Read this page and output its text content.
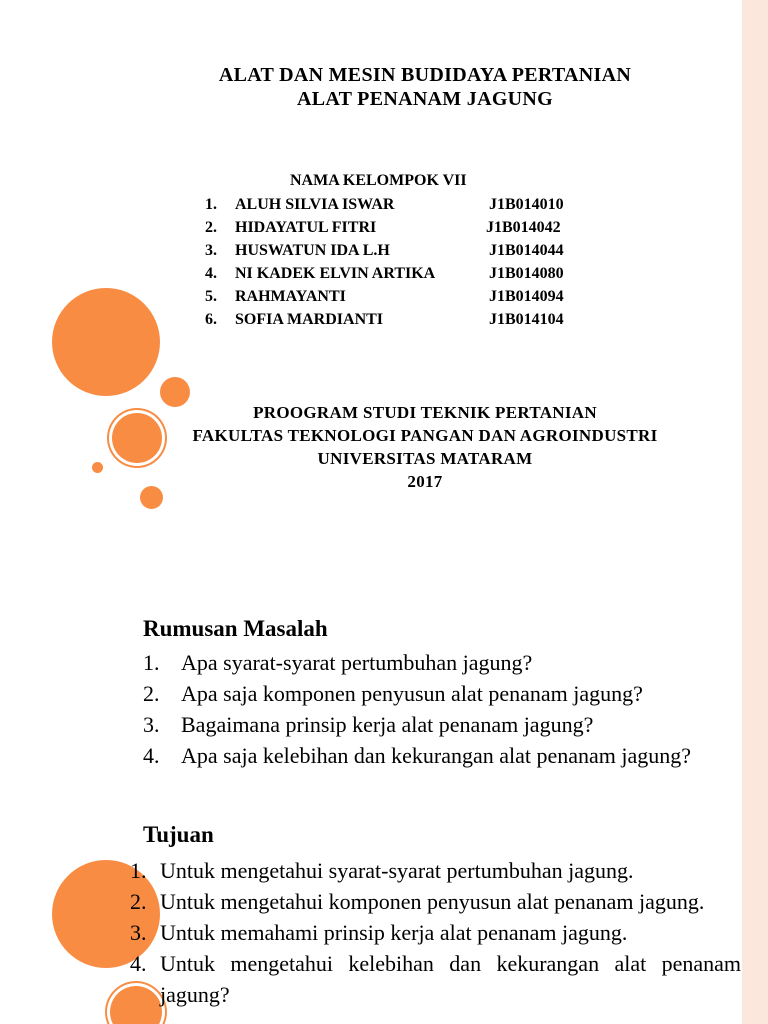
ALAT DAN MESIN BUDIDAYA PERTANIAN
ALAT PENANAM JAGUNG
NAMA KELOMPOK VII
1. ALUH SILVIA ISWAR	J1B014010
2. HIDAYATUL FITRI	J1B014042
3. HUSWATUN IDA L.H	J1B014044
4. NI KADEK ELVIN ARTIKA	J1B014080
5. RAHMAYANTI	J1B014094
6. SOFIA MARDIANTI	J1B014104
PROOGRAM STUDI TEKNIK PERTANIAN
FAKULTAS TEKNOLOGI PANGAN DAN AGROINDUSTRI
UNIVERSITAS MATARAM
2017
Rumusan Masalah
1. Apa syarat-syarat pertumbuhan jagung?
2. Apa saja komponen penyusun alat penanam jagung?
3. Bagaimana prinsip kerja alat penanam jagung?
4. Apa saja kelebihan dan kekurangan alat penanam jagung?
Tujuan
1. Untuk mengetahui syarat-syarat pertumbuhan jagung.
2. Untuk mengetahui komponen penyusun alat penanam jagung.
3. Untuk memahami prinsip kerja alat penanam jagung.
4. Untuk mengetahui kelebihan dan kekurangan alat penanam jagung?
